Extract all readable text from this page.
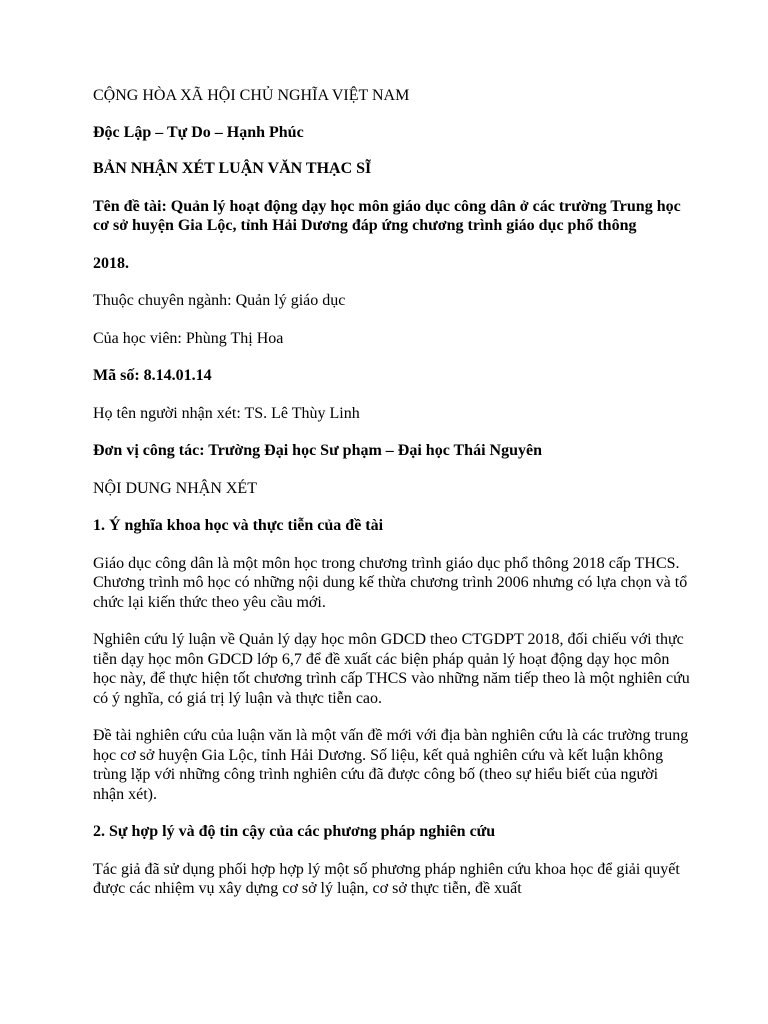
CỘNG HÒA XÃ HỘI CHỦ NGHĨA VIỆT NAM

Độc Lập – Tự Do – Hạnh Phúc

BẢN NHẬN XÉT LUẬN VĂN THẠC SĨ

Tên đề tài: Quản lý hoạt động dạy học môn giáo dục công dân ở các trường Trung học cơ sở huyện Gia Lộc, tỉnh Hải Dương đáp ứng chương trình giáo dục phổ thông

2018.

Thuộc chuyên ngành: Quản lý giáo dục

Của học viên: Phùng Thị Hoa

Mã số: 8.14.01.14

Họ tên người nhận xét: TS. Lê Thùy Linh

Đơn vị công tác: Trường Đại học Sư phạm – Đại học Thái Nguyên

NỘI DUNG NHẬN XÉT

1. Ý nghĩa khoa học và thực tiễn của đề tài

Giáo dục công dân là một môn học trong chương trình giáo dục phổ thông 2018 cấp THCS. Chương trình mô học có những nội dung kế thừa chương trình 2006 nhưng có lựa chọn và tổ chức lại kiến thức theo yêu cầu mới.

Nghiên cứu lý luận về Quản lý dạy học môn GDCD theo CTGDPT 2018, đối chiếu với thực tiễn dạy học môn GDCD lớp 6,7 để đề xuất các biện pháp quản lý hoạt động dạy học môn học này, để thực hiện tốt chương trình cấp THCS vào những năm tiếp theo là một nghiên cứu có ý nghĩa, có giá trị lý luận và thực tiễn cao.

Đề tài nghiên cứu của luận văn là một vấn đề mới với địa bàn nghiên cứu là các trường trung học cơ sở huyện Gia Lộc, tỉnh Hải Dương. Số liệu, kết quả nghiên cứu và kết luận không trùng lặp với những công trình nghiên cứu đã được công bố (theo sự hiểu biết của người nhận xét).

2. Sự hợp lý và độ tin cậy của các phương pháp nghiên cứu

Tác giả đã sử dụng phối hợp hợp lý một số phương pháp nghiên cứu khoa học để giải quyết được các nhiệm vụ xây dựng cơ sở lý luận, cơ sở thực tiễn, đề xuất
